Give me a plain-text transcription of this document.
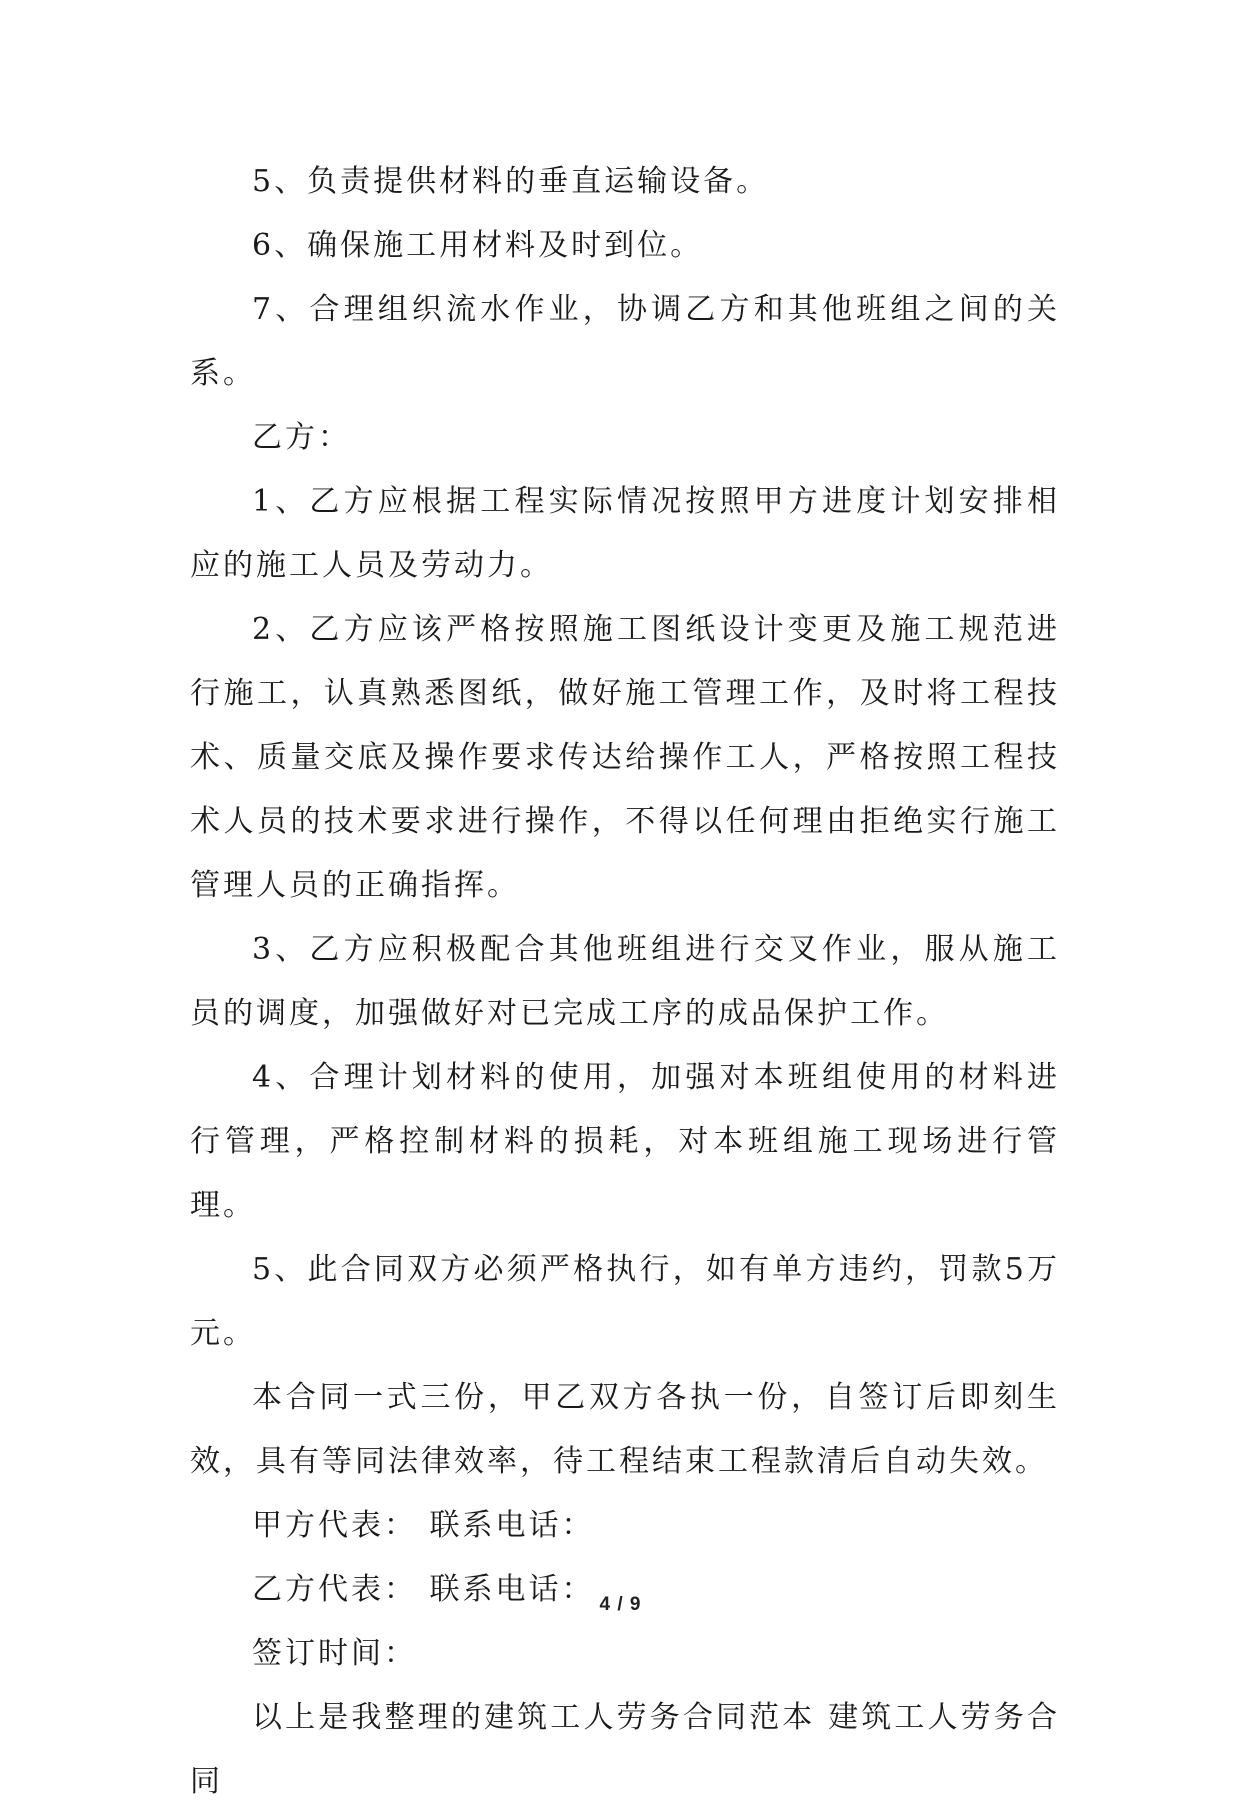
5、负责提供材料的垂直运输设备。

6、确保施工用材料及时到位。

7、合理组织流水作业，协调乙方和其他班组之间的关系。

乙方：

1、乙方应根据工程实际情况按照甲方进度计划安排相应的施工人员及劳动力。

2、乙方应该严格按照施工图纸设计变更及施工规范进行施工，认真熟悉图纸，做好施工管理工作，及时将工程技术、质量交底及操作要求传达给操作工人，严格按照工程技术人员的技术要求进行操作，不得以任何理由拒绝实行施工管理人员的正确指挥。

3、乙方应积极配合其他班组进行交叉作业，服从施工员的调度，加强做好对已完成工序的成品保护工作。

4、合理计划材料的使用，加强对本班组使用的材料进行管理，严格控制材料的损耗，对本班组施工现场进行管理。

5、此合同双方必须严格执行，如有单方违约，罚款5万元。

本合同一式三份，甲乙双方各执一份，自签订后即刻生效，具有等同法律效率，待工程结束工程款清后自动失效。

甲方代表： 联系电话：

乙方代表： 联系电话：

签订时间：

以上是我整理的建筑工人劳务合同范本 建筑工人劳务合同

4 / 9
